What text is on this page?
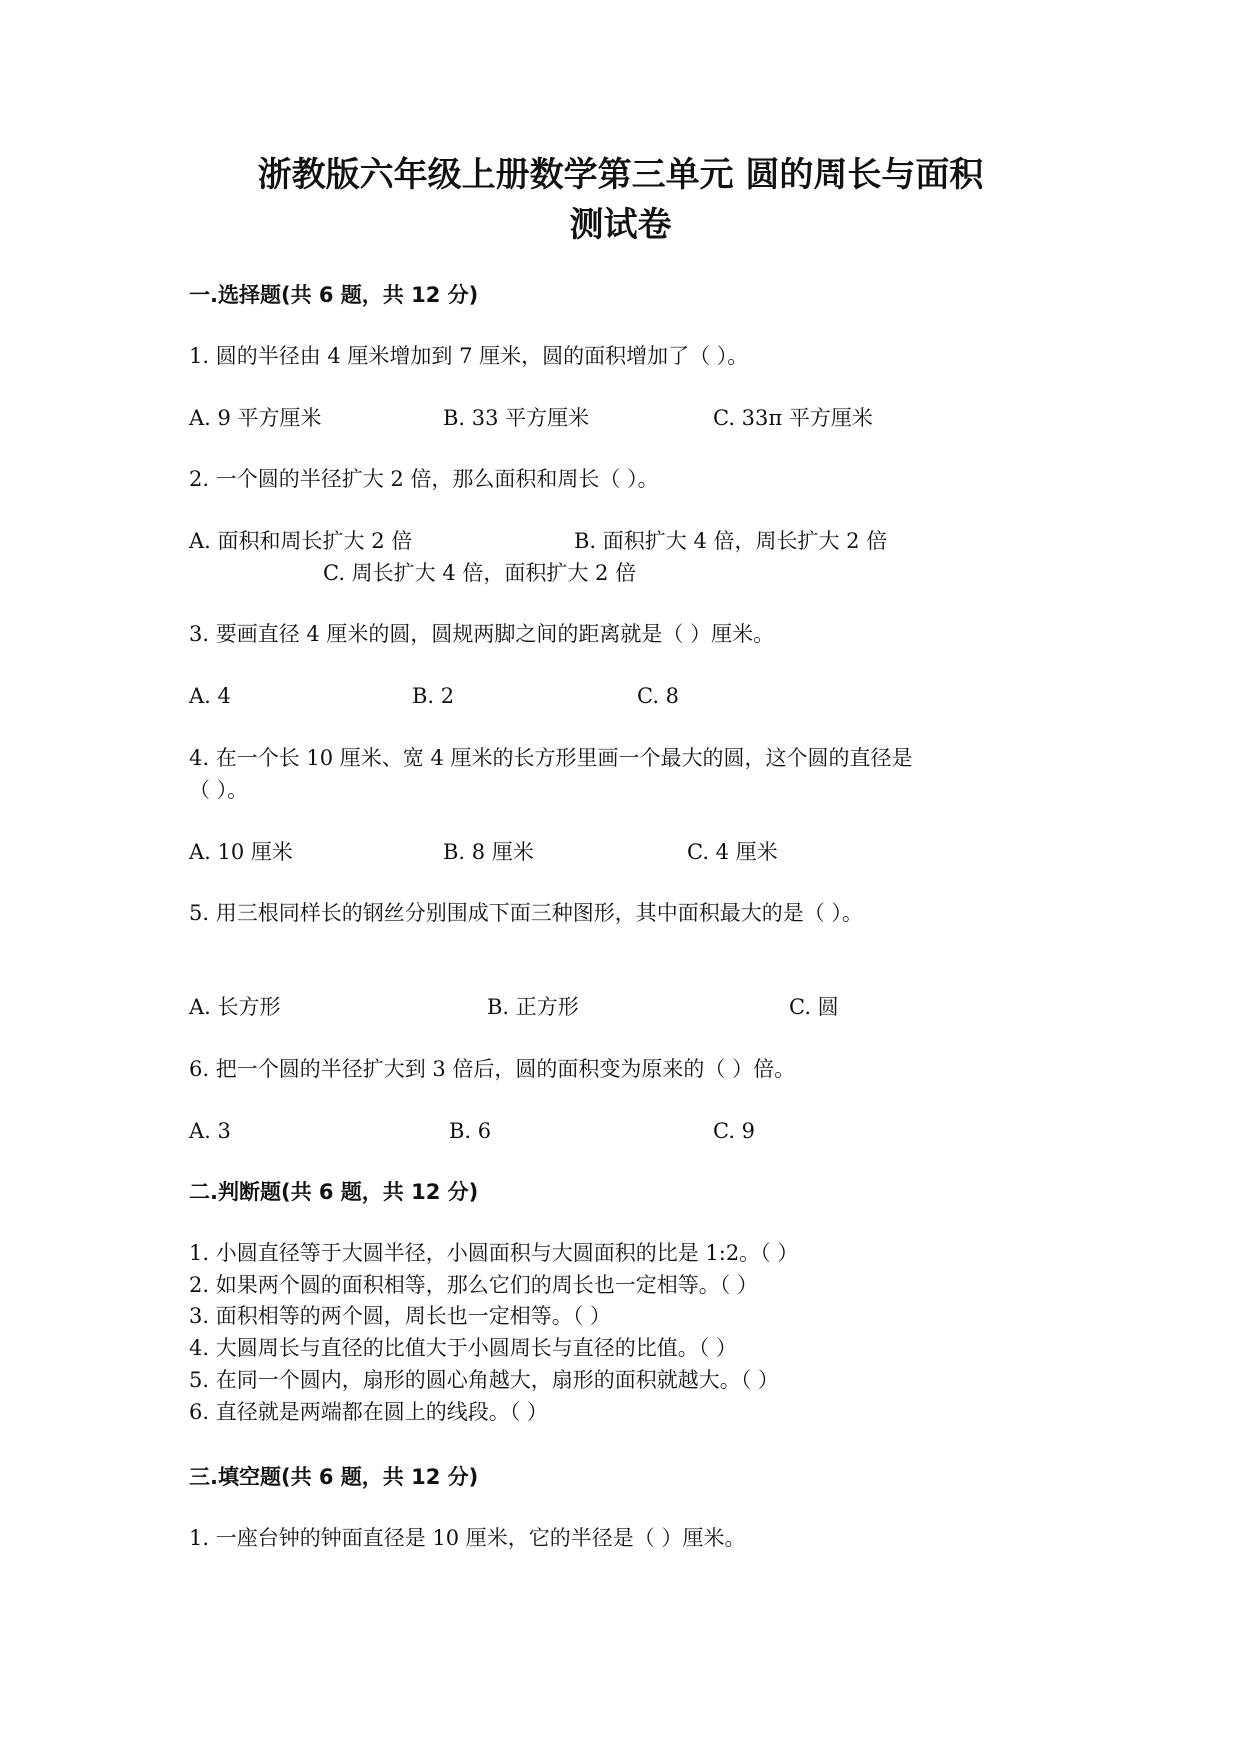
浙教版六年级上册数学第三单元 圆的周长与面积
测试卷
一.选择题(共 6 题，共 12 分)

1. 圆的半径由 4 厘米增加到 7 厘米，圆的面积增加了（ ）。

A. 9 平方厘米	B. 33 平方厘米	C. 33π 平方厘米

2. 一个圆的半径扩大 2 倍，那么面积和周长（ ）。

A. 面积和周长扩大 2 倍	B. 面积扩大 4 倍，周长扩大 2 倍
C. 周长扩大 4 倍，面积扩大 2 倍

3. 要画直径 4 厘米的圆，圆规两脚之间的距离就是（ ）厘米。

A. 4	B. 2	C. 8

4. 在一个长 10 厘米、宽 4 厘米的长方形里画一个最大的圆，这个圆的直径是

（ ）。

A. 10 厘米	B. 8 厘米	C. 4 厘米

5. 用三根同样长的钢丝分别围成下面三种图形，其中面积最大的是（ ）。

A. 长方形	B. 正方形	C. 圆

6. 把一个圆的半径扩大到 3 倍后，圆的面积变为原来的（ ）倍。

A. 3	B. 6	C. 9
二.判断题(共 6 题，共 12 分)

1. 小圆直径等于大圆半径，小圆面积与大圆面积的比是 1:2。（ ）

2. 如果两个圆的面积相等，那么它们的周长也一定相等。（ ）

3. 面积相等的两个圆，周长也一定相等。（ ）

4. 大圆周长与直径的比值大于小圆周长与直径的比值。（ ）

5. 在同一个圆内，扇形的圆心角越大，扇形的面积就越大。（ ）

6. 直径就是两端都在圆上的线段。（ ）

三.填空题(共 6 题，共 12 分)

1. 一座台钟的钟面直径是 10 厘米，它的半径是（ ）厘米。
